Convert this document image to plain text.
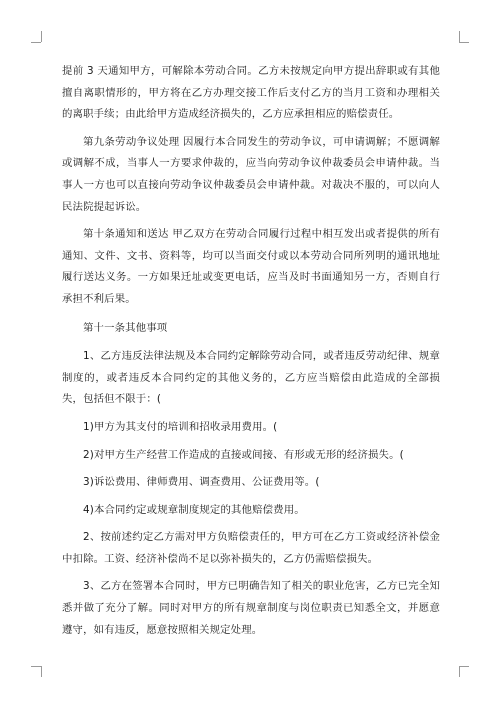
提前 3 天通知甲方，可解除本劳动合同。乙方未按规定向甲方提出辞职或有其他擅自离职情形的，甲方将在乙方办理交接工作后支付乙方的当月工资和办理相关的离职手续；由此给甲方造成经济损失的，乙方应承担相应的赔偿责任。

第九条劳动争议处理 因履行本合同发生的劳动争议，可申请调解；不愿调解或调解不成，当事人一方要求仲裁的，应当向劳动争议仲裁委员会申请仲裁。当事人一方也可以直接向劳动争议仲裁委员会申请仲裁。对裁决不服的，可以向人民法院提起诉讼。

第十条通知和送达 甲乙双方在劳动合同履行过程中相互发出或者提供的所有通知、文件、文书、资料等，均可以当面交付或以本劳动合同所列明的通讯地址履行送达义务。一方如果迁址或变更电话，应当及时书面通知另一方，否则自行承担不利后果。

第十一条其他事项

1、乙方违反法律法规及本合同约定解除劳动合同，或者违反劳动纪律、规章制度的，或者违反本合同约定的其他义务的，乙方应当赔偿由此造成的全部损失，包括但不限于：(

1)甲方为其支付的培训和招收录用费用。(

2)对甲方生产经营工作造成的直接或间接、有形或无形的经济损失。(

3)诉讼费用、律师费用、调查费用、公证费用等。(

4)本合同约定或规章制度规定的其他赔偿费用。

2、按前述约定乙方需对甲方负赔偿责任的，甲方可在乙方工资或经济补偿金中扣除。工资、经济补偿尚不足以弥补损失的，乙方仍需赔偿损失。

3、乙方在签署本合同时，甲方已明确告知了相关的职业危害，乙方已完全知悉并做了充分了解。同时对甲方的所有规章制度与岗位职责已知悉全文，并愿意遵守，如有违反，愿意按照相关规定处理。
